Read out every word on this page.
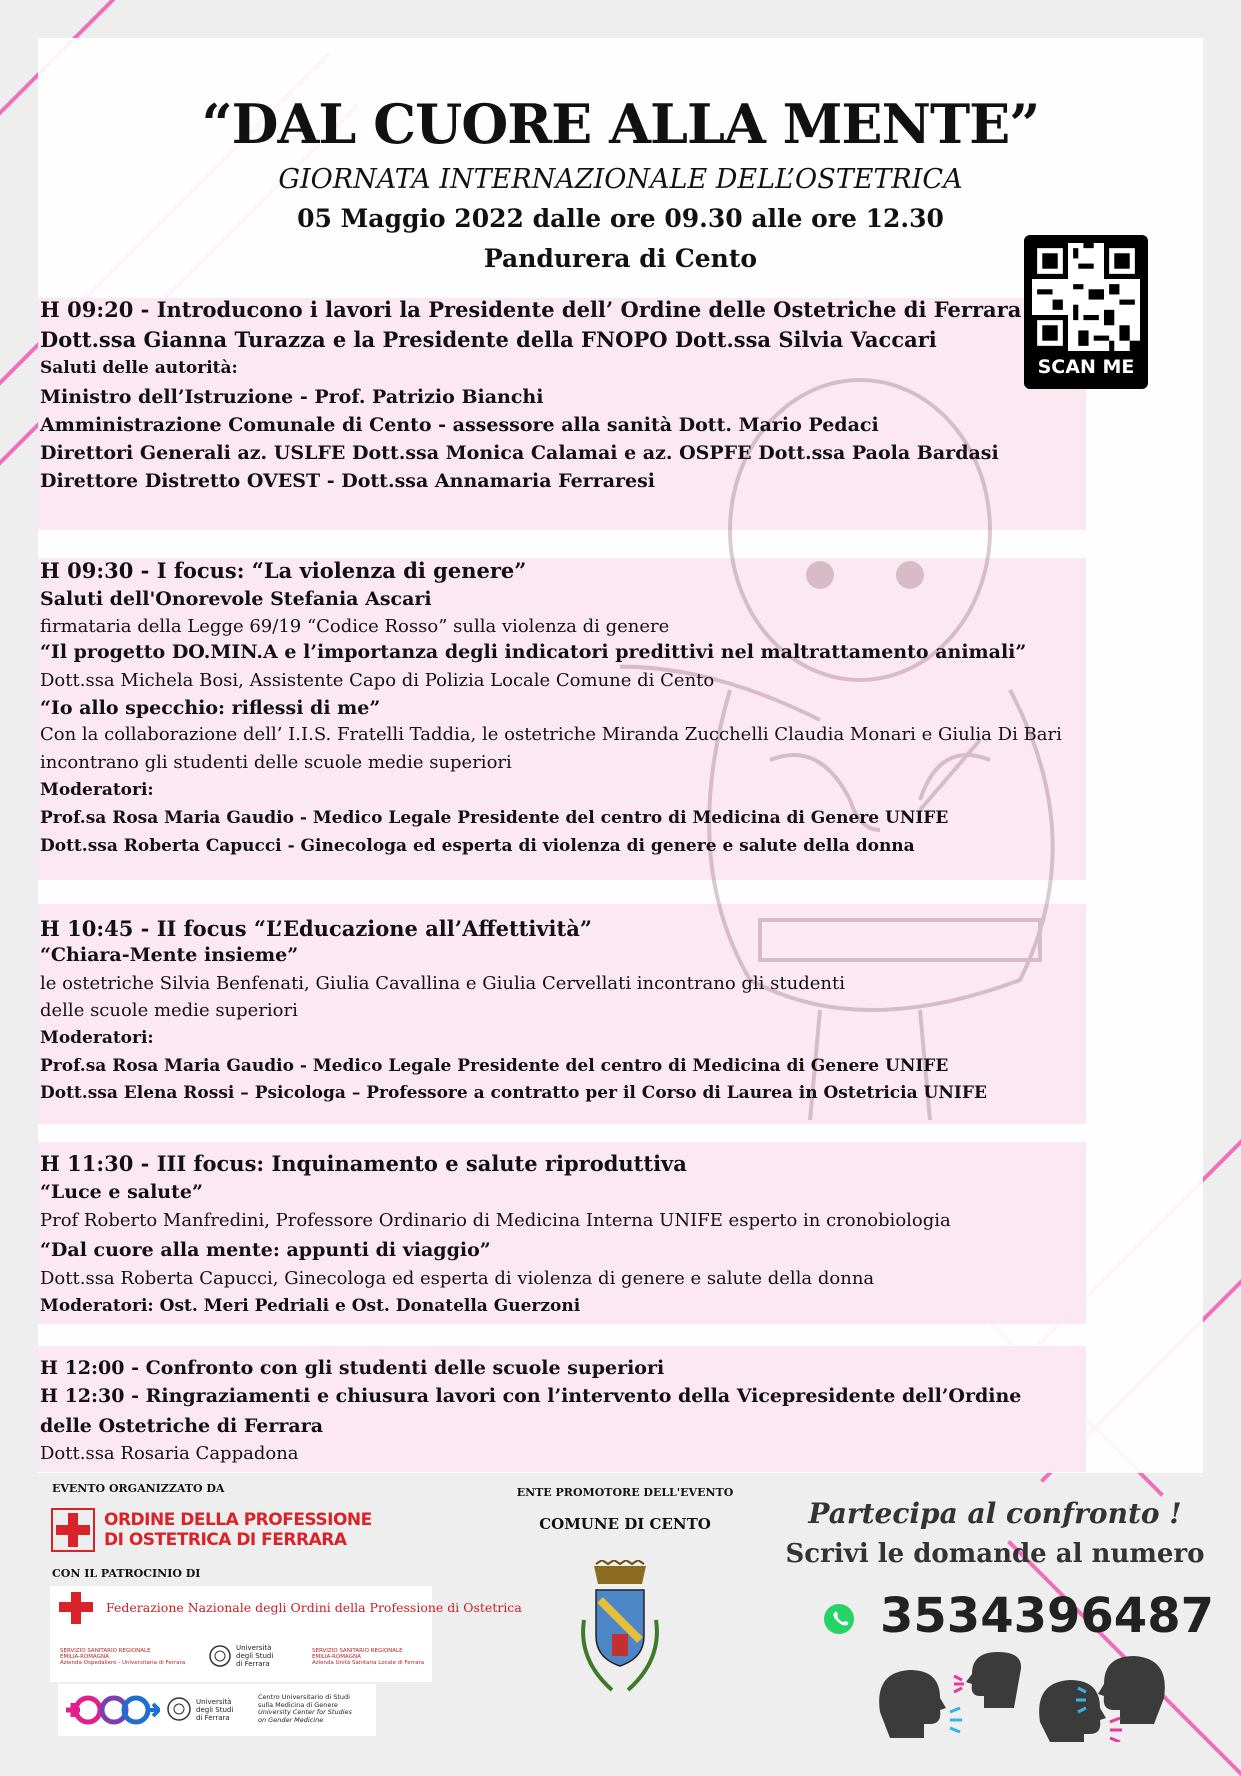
“DAL CUORE ALLA MENTE”
GIORNATA INTERNAZIONALE DELL’OSTETRICA
05 Maggio 2022 dalle ore 09.30 alle ore 12.30
Pandurera di Cento
SCAN ME
H 09:20 - Introducono i lavori la Presidente dell’ Ordine delle Ostetriche di Ferrara
Dott.ssa Gianna Turazza e la Presidente della FNOPO Dott.ssa Silvia Vaccari
Saluti delle autorità:
Ministro dell’Istruzione - Prof. Patrizio Bianchi
Amministrazione Comunale di Cento - assessore alla sanità Dott. Mario Pedaci
Direttori Generali az. USLFE Dott.ssa Monica Calamai e az. OSPFE Dott.ssa Paola Bardasi
Direttore Distretto OVEST - Dott.ssa Annamaria Ferraresi
H 09:30 - I focus: “La violenza di genere”
Saluti dell'Onorevole Stefania Ascari
firmataria della Legge 69/19 “Codice Rosso” sulla violenza di genere
“Il progetto DO.MIN.A e l’importanza degli indicatori predittivi nel maltrattamento animali”
Dott.ssa Michela Bosi, Assistente Capo di Polizia Locale Comune di Cento
“Io allo specchio: riflessi di me”
Con la collaborazione dell’ I.I.S. Fratelli Taddia, le ostetriche Miranda Zucchelli Claudia Monari e Giulia Di Bari
incontrano gli studenti delle scuole medie superiori
Moderatori:
Prof.sa Rosa Maria Gaudio - Medico Legale Presidente del centro di Medicina di Genere UNIFE
Dott.ssa Roberta Capucci - Ginecologa ed esperta di violenza di genere e salute della donna
H 10:45 - II focus “L’Educazione all’Affettività”
“Chiara-Mente insieme”
le ostetriche Silvia Benfenati, Giulia Cavallina e Giulia Cervellati incontrano gli studenti
delle scuole medie superiori
Moderatori:
Prof.sa Rosa Maria Gaudio - Medico Legale Presidente del centro di Medicina di Genere UNIFE
Dott.ssa Elena Rossi – Psicologa – Professore a contratto per il Corso di Laurea in Ostetricia UNIFE
H 11:30 - III focus: Inquinamento e salute riproduttiva
“Luce e salute”
Prof Roberto Manfredini, Professore Ordinario di Medicina Interna UNIFE esperto in cronobiologia
“Dal cuore alla mente: appunti di viaggio”
Dott.ssa Roberta Capucci, Ginecologa ed esperta di violenza di genere e salute della donna
Moderatori: Ost. Meri Pedriali e Ost. Donatella Guerzoni
H 12:00 - Confronto con gli studenti delle scuole superiori
H 12:30 - Ringraziamenti e chiusura lavori con l’intervento della Vicepresidente dell’Ordine
delle Ostetriche di Ferrara
Dott.ssa Rosaria Cappadona
EVENTO ORGANIZZATO DA
ORDINE DELLA PROFESSIONE
DI OSTETRICA DI FERRARA
CON IL PATROCINIO DI
Federazione Nazionale degli Ordini della Professione di Ostetrica
SERVIZIO SANITARIO REGIONALE
EMILIA-ROMAGNA
Azienda Ospedaliero - Universitaria di Ferrara
Università
degli Studi
di Ferrara
SERVIZIO SANITARIO REGIONALE
EMILIA-ROMAGNA
Azienda Unità Sanitaria Locale di Ferrara
Università
degli Studi
di Ferrara
Centro Universitario di Studi
sulla Medicina di Genere
University Center for Studies
on Gender Medicine
ENTE PROMOTORE DELL'EVENTO
COMUNE DI CENTO	Partecipa al confronto !
Scrivi le domande al numero
3534396487
